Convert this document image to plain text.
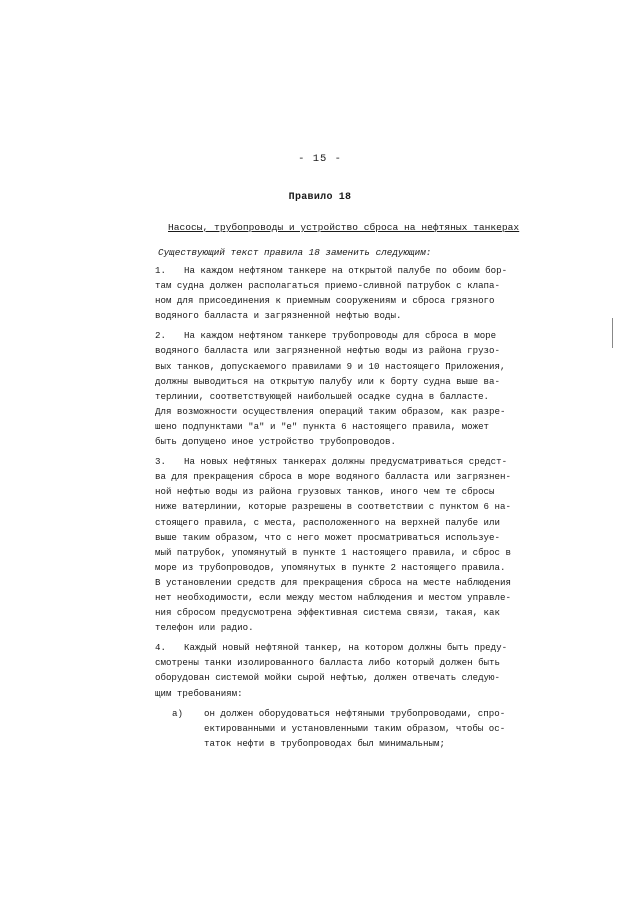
- 15 -
Правило 18
Насосы, трубопроводы и устройство сброса на нефтяных танкерах
Существующий текст правила 18 заменить следующим:

1. На каждом нефтяном танкере на открытой палубе по обоим бор-

там судна должен располагаться приемо-сливной патрубок с клапа-

ном для присоединения к приемным сооружениям и сброса грязного

водяного балласта и загрязненной нефтью воды.

2. На каждом нефтяном танкере трубопроводы для сброса в море

водяного балласта или загрязненной нефтью воды из района грузо-

вых танков, допускаемого правилами 9 и 10 настоящего Приложения,

должны выводиться на открытую палубу или к борту судна выше ва-

терлинии, соответствующей наибольшей осадке судна в балласте.

Для возможности осуществления операций таким образом, как разре-

шено подпунктами "а" и "е" пункта 6 настоящего правила, может

быть допущено иное устройство трубопроводов.

3. На новых нефтяных танкерах должны предусматриваться средст-

ва для прекращения сброса в море водяного балласта или загрязнен-

ной нефтью воды из района грузовых танков, иного чем те сбросы

ниже ватерлинии, которые разрешены в соответствии с пунктом 6 на-

стоящего правила, с места, расположенного на верхней палубе или

выше таким образом, что с него может просматриваться используе-

мый патрубок, упомянутый в пункте 1 настоящего правила, и сброс в

море из трубопроводов, упомянутых в пункте 2 настоящего правила.

В установлении средств для прекращения сброса на месте наблюдения

нет необходимости, если между местом наблюдения и местом управле-

ния сбросом предусмотрена эффективная система связи, такая, как

телефон или радио.

4. Каждый новый нефтяной танкер, на котором должны быть преду-

смотрены танки изолированного балласта либо который должен быть

оборудован системой мойки сырой нефтью, должен отвечать следую-

щим требованиям:

а)	он должен оборудоваться нефтяными трубопроводами, спро-

ектированными и установленными таким образом, чтобы ос-

таток нефти в трубопроводах был минимальным;
